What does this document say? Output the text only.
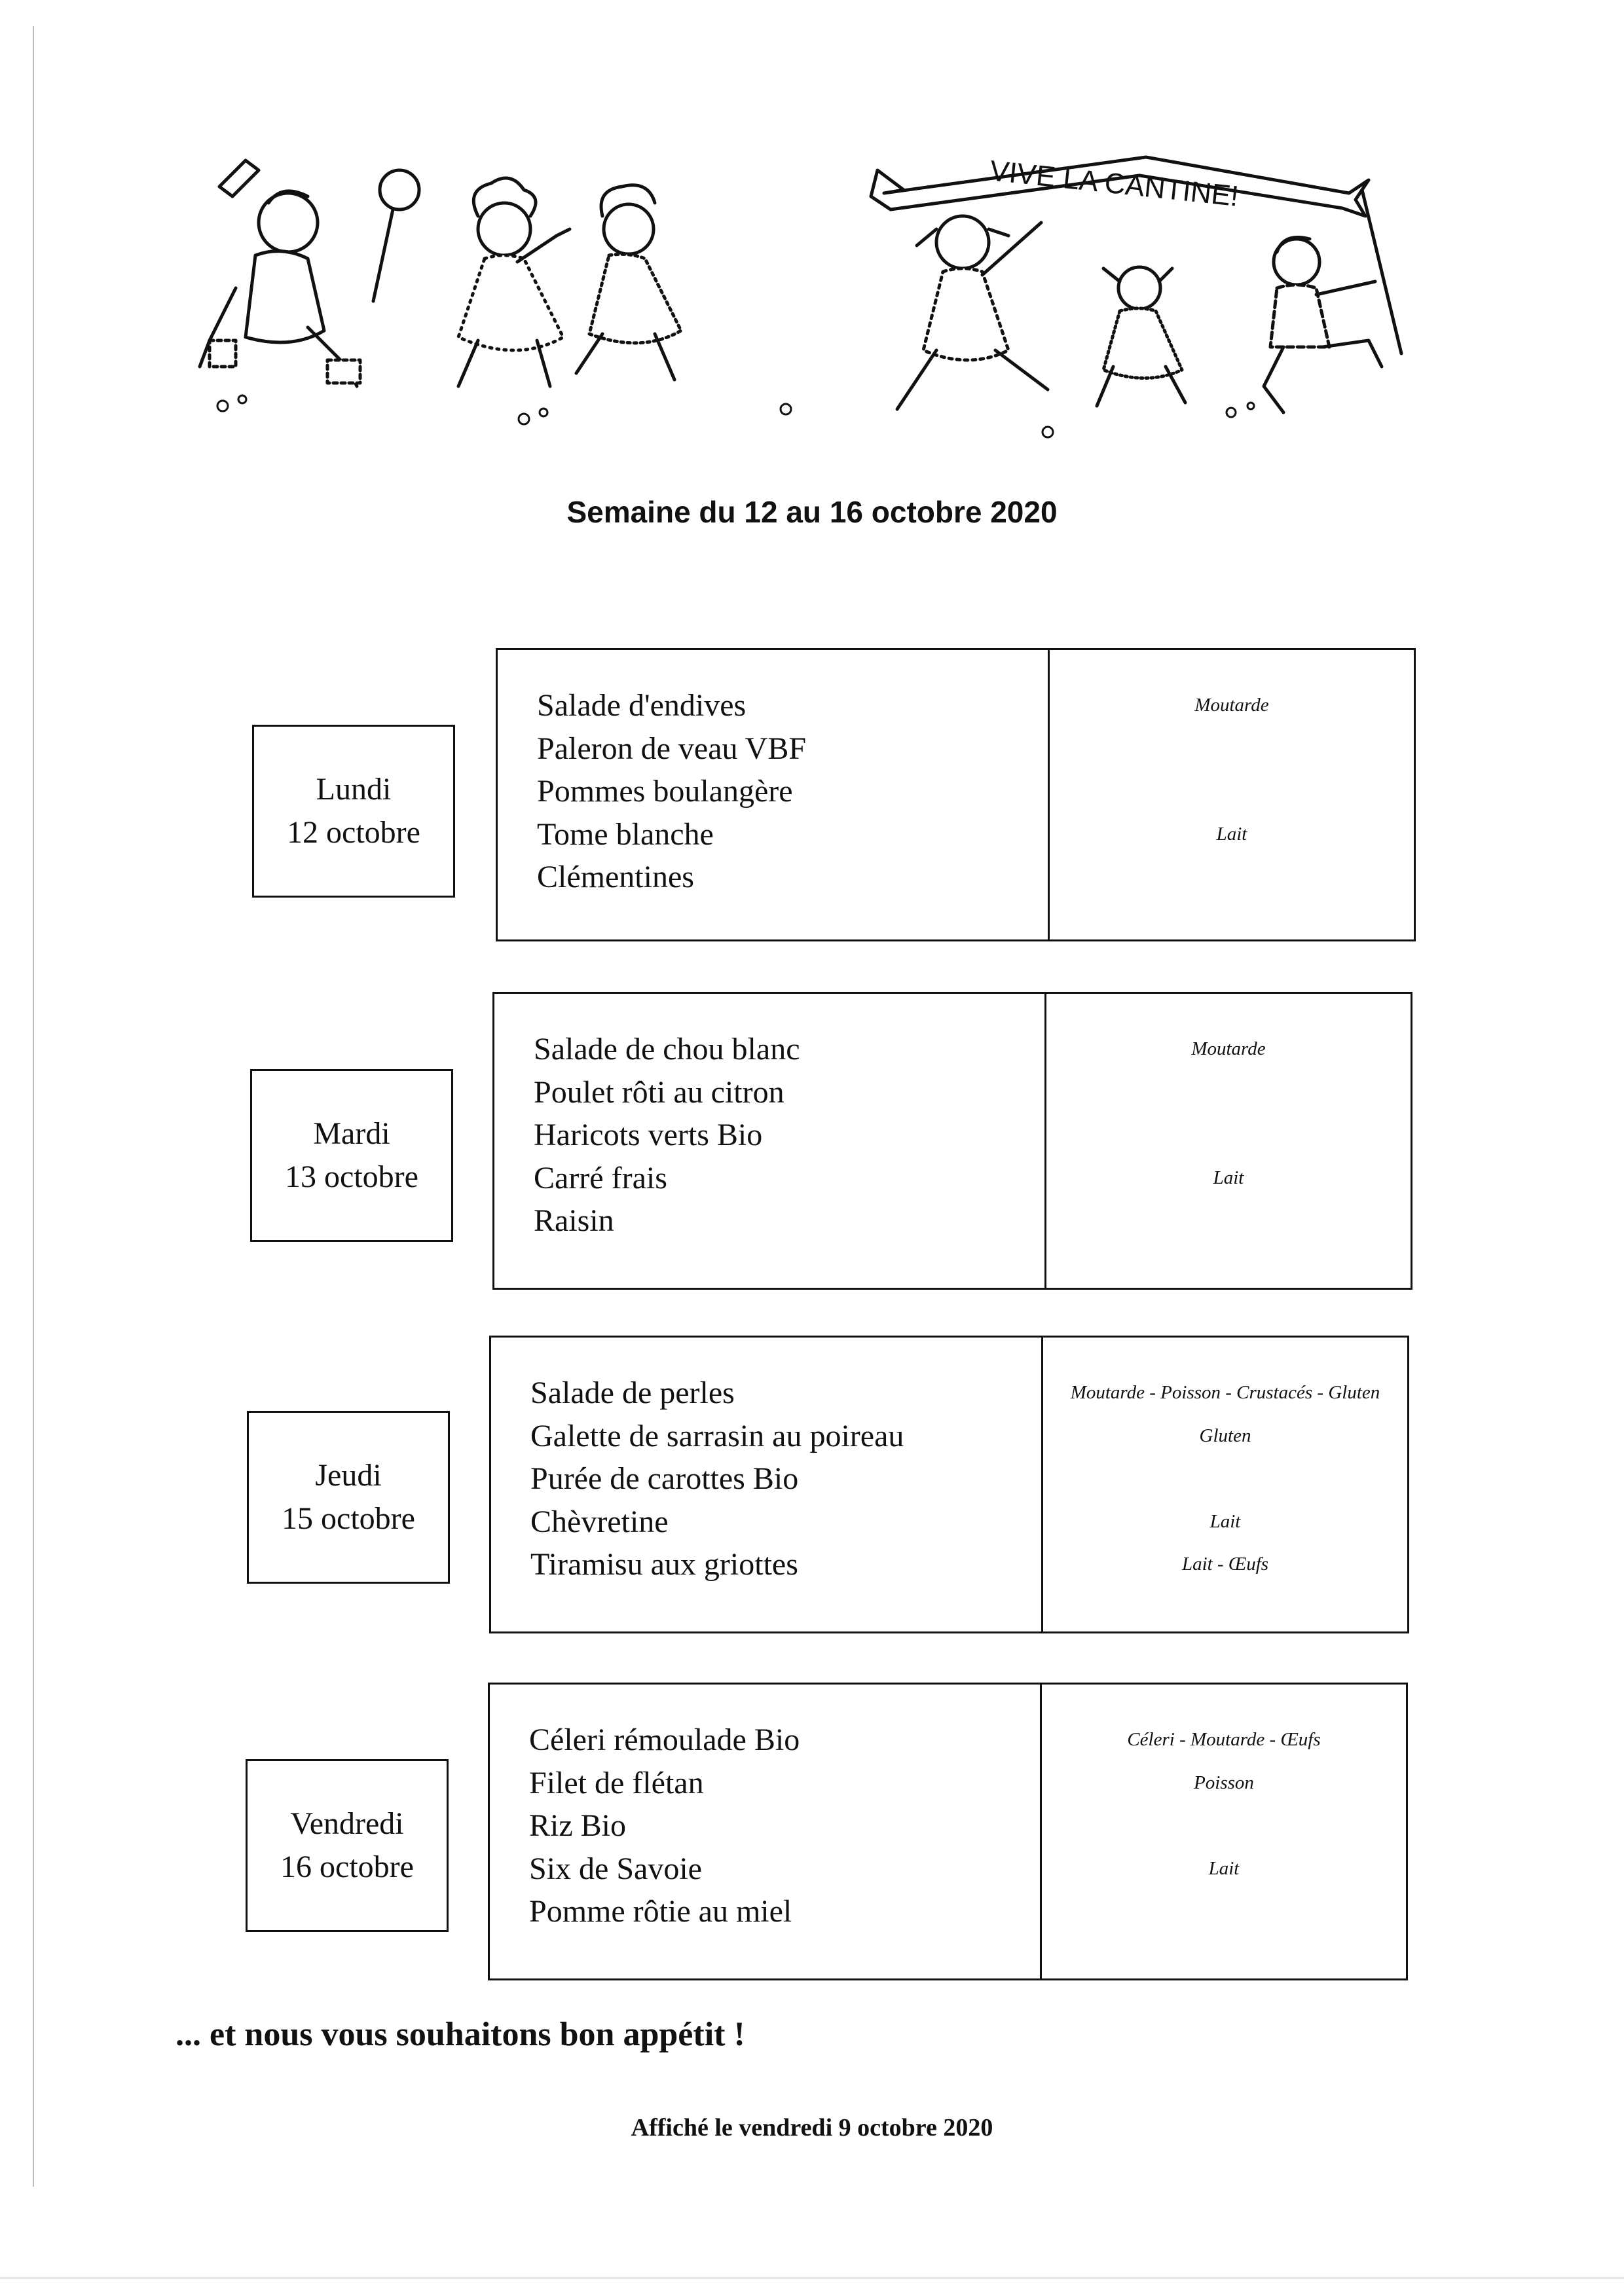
VIVE LA CANTINE!
Semaine du 12 au 16 octobre 2020
Lundi
12 octobre
Salade d'endives
Paleron de veau VBF
Pommes boulangère
Tome blanche
Clémentines
Moutarde
Lait
Mardi
13 octobre
Salade de chou blanc
Poulet rôti au citron
Haricots verts Bio
Carré frais
Raisin
Moutarde
Lait
Jeudi
15 octobre
Salade de perles
Galette de sarrasin au poireau
Purée de carottes Bio
Chèvretine
Tiramisu aux griottes
Moutarde - Poisson - Crustacés - Gluten
Gluten
Lait
Lait - Œufs
Vendredi
16 octobre
Céleri rémoulade Bio
Filet de flétan
Riz Bio
Six de Savoie
Pomme rôtie au miel
Céleri - Moutarde - Œufs
Poisson
Lait
... et nous vous souhaitons bon appétit !
Affiché le vendredi 9 octobre 2020
